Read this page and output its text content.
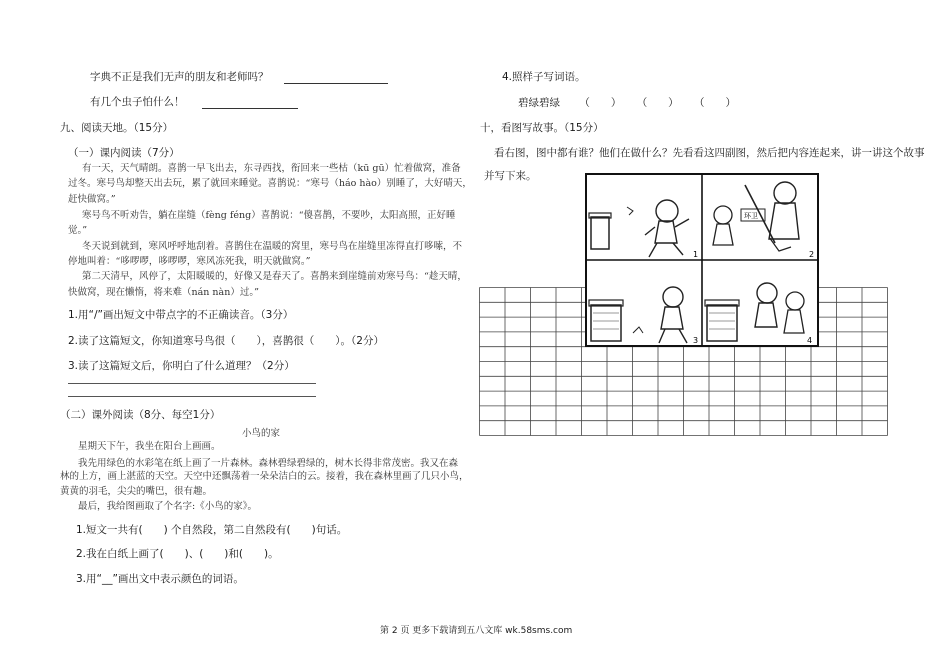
字典不正是我们无声的朋友和老师吗？
有几个虫子怕什么！
九、阅读天地。（15分）
（一）课内阅读（7分）
有一天，天气晴朗。喜鹊一早飞出去，东寻西找，衔回来一些枯（kū gū）忙着做窝，准备
过冬。寒号鸟却整天出去玩，累了就回来睡觉。喜鹊说：“寒号（háo hào）别睡了，大好晴天，
赶快做窝。”
寒号鸟不听劝告，躺在崖缝（fèng féng）喜鹊说：“傻喜鹊，不要吵，太阳高照，正好睡
觉。”
冬天说到就到，寒风呼呼地刮着。喜鹊住在温暖的窝里，寒号鸟在崖缝里冻得直打哆嗦，不
停地叫着：“哆啰啰，哆啰啰，寒风冻死我，明天就做窝。”
第二天清早，风停了，太阳暖暖的，好像又是春天了。喜鹊来到崖缝前劝寒号鸟：“趁天晴，
快做窝，现在懒惰，将来难（nán nàn）过。”
1.用“/”画出短文中带点字的不正确读音。（3分）
2.读了这篇短文，你知道寒号鸟很（　　），喜鹊很（　　）。（2分）
3.读了这篇短文后，你明白了什么道理？（2分）
（二）课外阅读（8分、每空1分）
小鸟的家
星期天下午，我坐在阳台上画画。
我先用绿色的水彩笔在纸上画了一片森林。森林碧绿碧绿的，树木长得非常茂密。我又在森
林的上方，画上湛蓝的天空。天空中还飘荡着一朵朵洁白的云。接着，我在森林里画了几只小鸟，
黄黄的羽毛，尖尖的嘴巴，很有趣。
最后，我给图画取了个名字:《小鸟的家》。
1.短文一共有(　　) 个自然段，第二自然段有(　　)句话。
2.我在白纸上画了(　　)、(　　)和(　　)。
3.用“__”画出文中表示颜色的词语。
4.照样子写词语。
碧绿碧绿 （　　） （　　） （　　）
十，看图写故事。（15分）
看右图，图中都有谁？他们在做什么？先看看这四副图，然后把内容连起来，讲一讲这个故事
并写下来。
1
环卫
2
3	4
第 2 页 更多下载请到五八文库 wk.58sms.com
